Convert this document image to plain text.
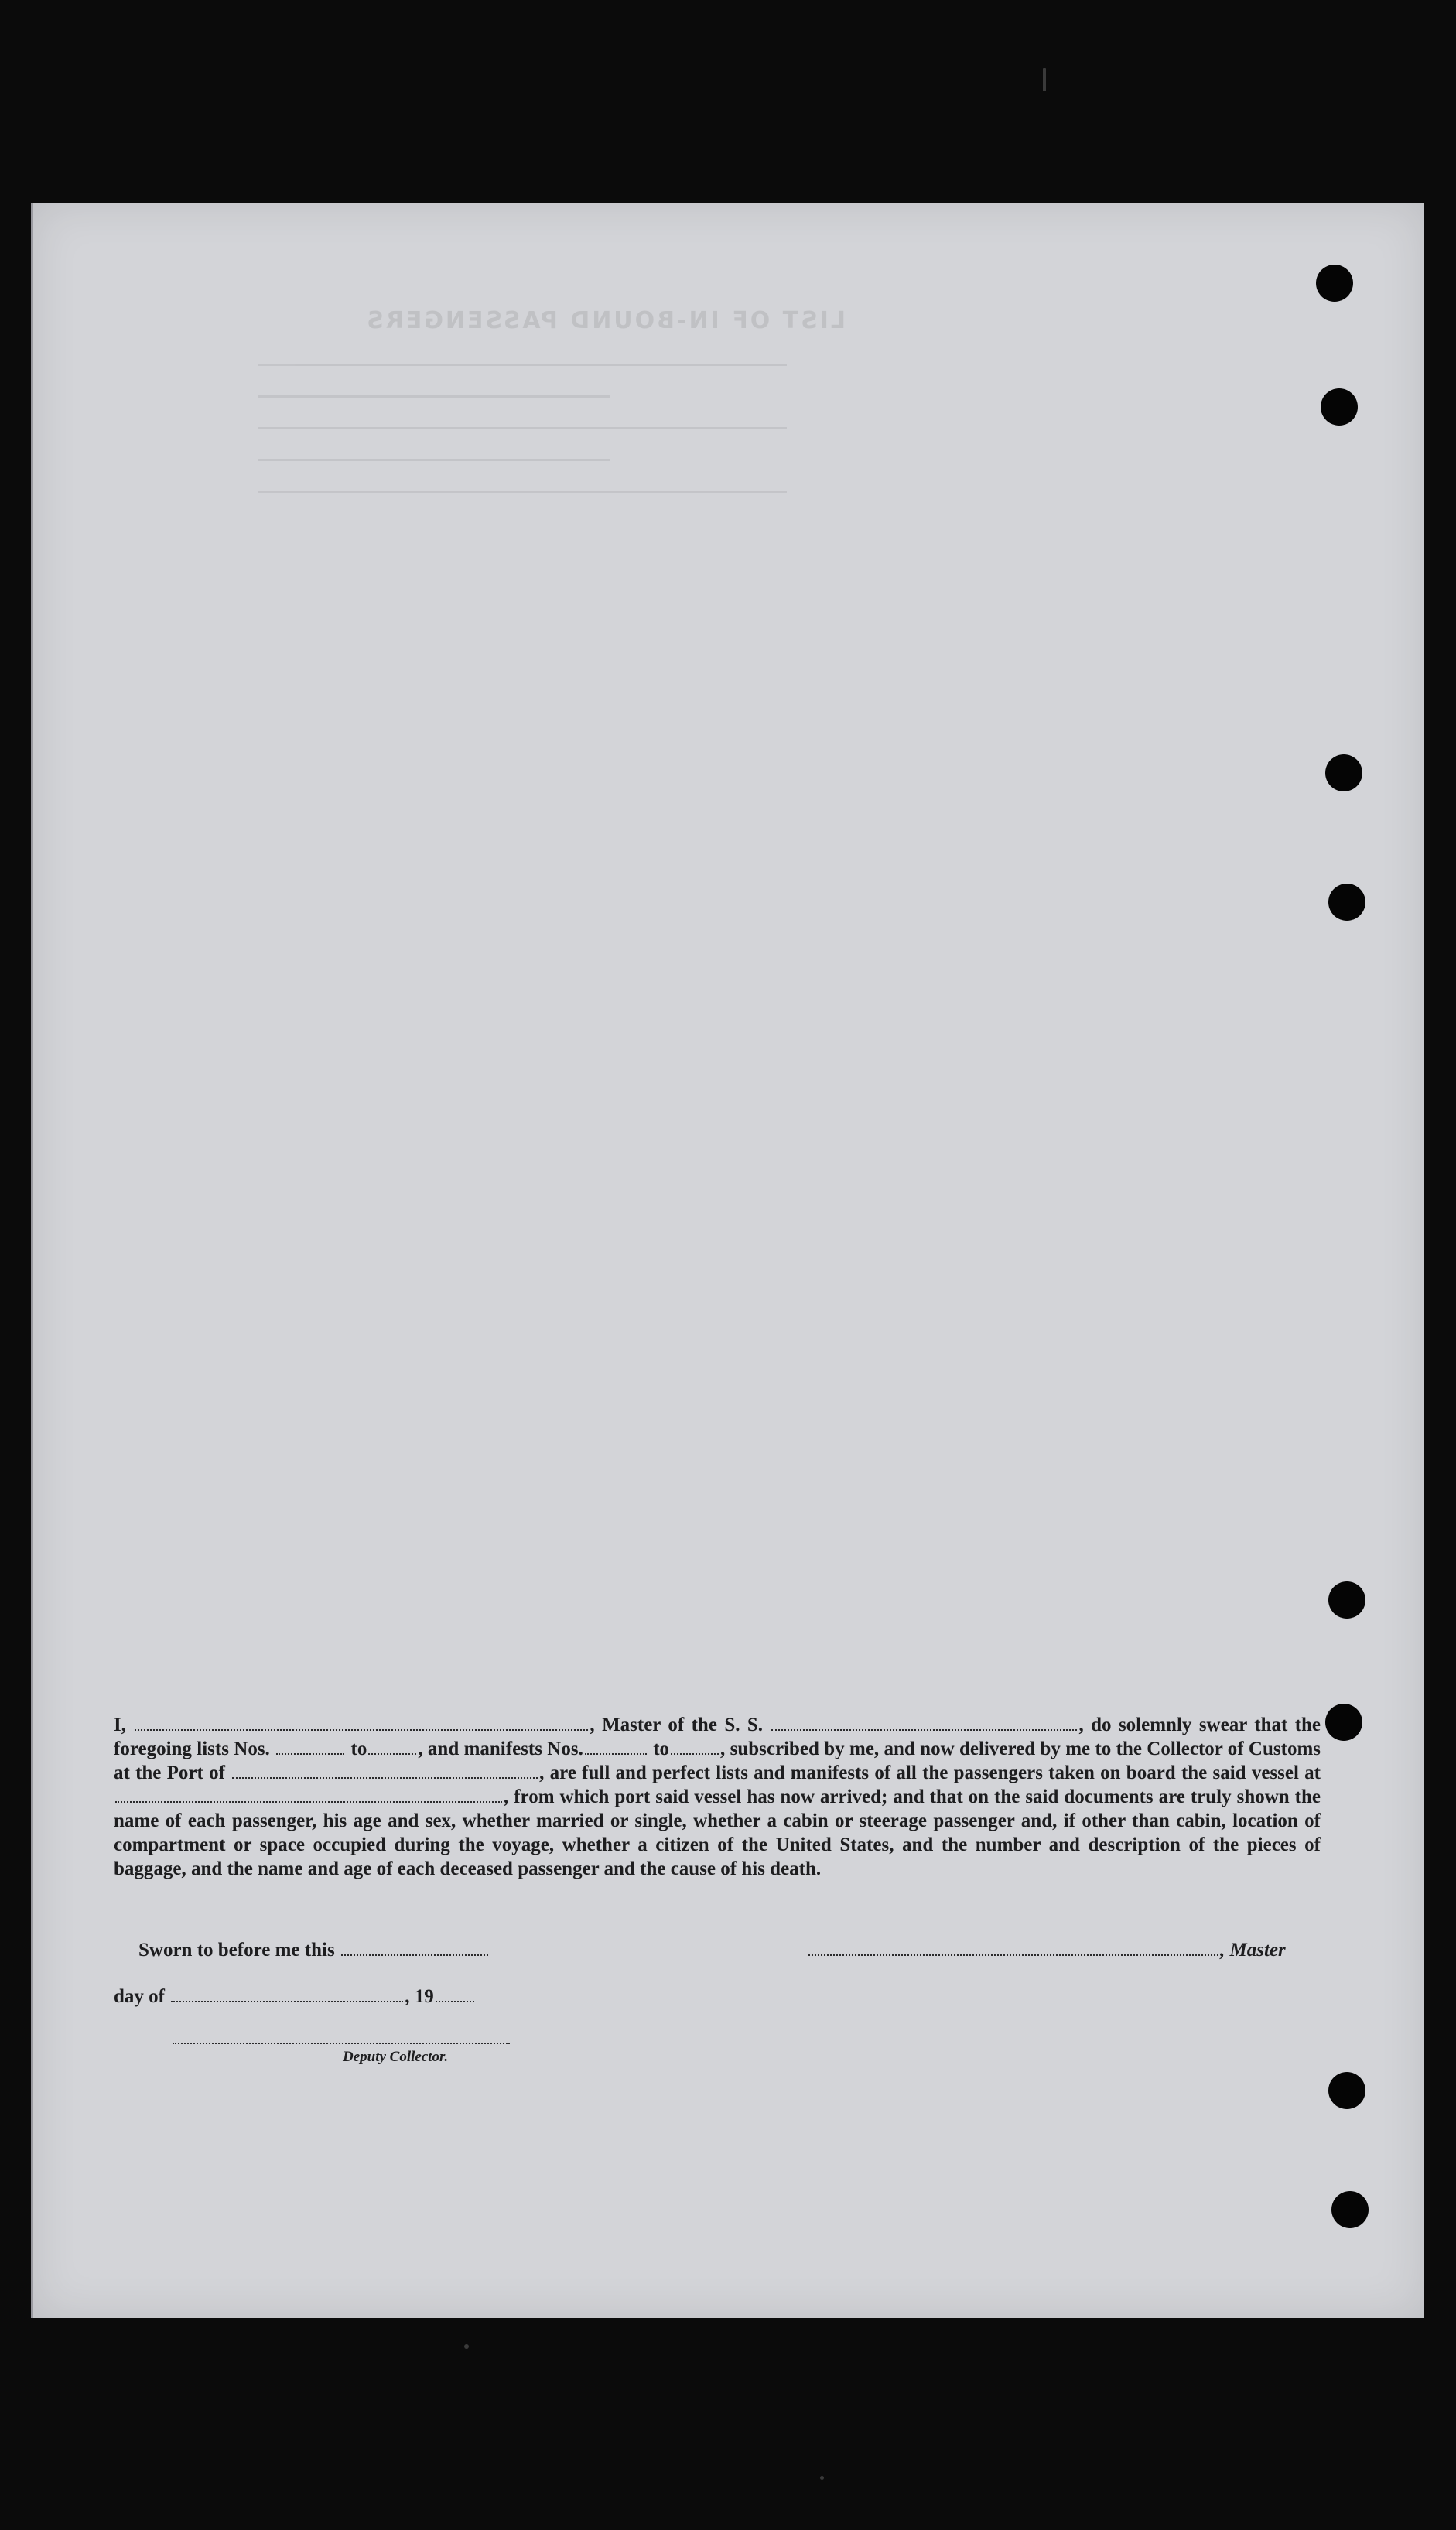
LIST OF IN-BOUND PASSENGERS

I,	, Master of the S. S.	, do solemnly swear that the foregoing lists Nos.	to	, and manifests Nos.	to	, subscribed by me, and now delivered by me to the Collector of Customs at the Port of	, are full and perfect lists and manifests of all the passengers taken on board the said vessel at , from which port said vessel has now arrived; and that on the said documents are truly shown the name of each passenger, his age and sex, whether married or single, whether a cabin or steerage passenger and, if other than cabin, location of compartment or space occupied during the voyage, whether a citizen of the United States, and the number and description of the pieces of baggage, and the name and age of each deceased passenger and the cause of his death.

Sworn to before me this	, Master
day of	, 19
Deputy Collector.
